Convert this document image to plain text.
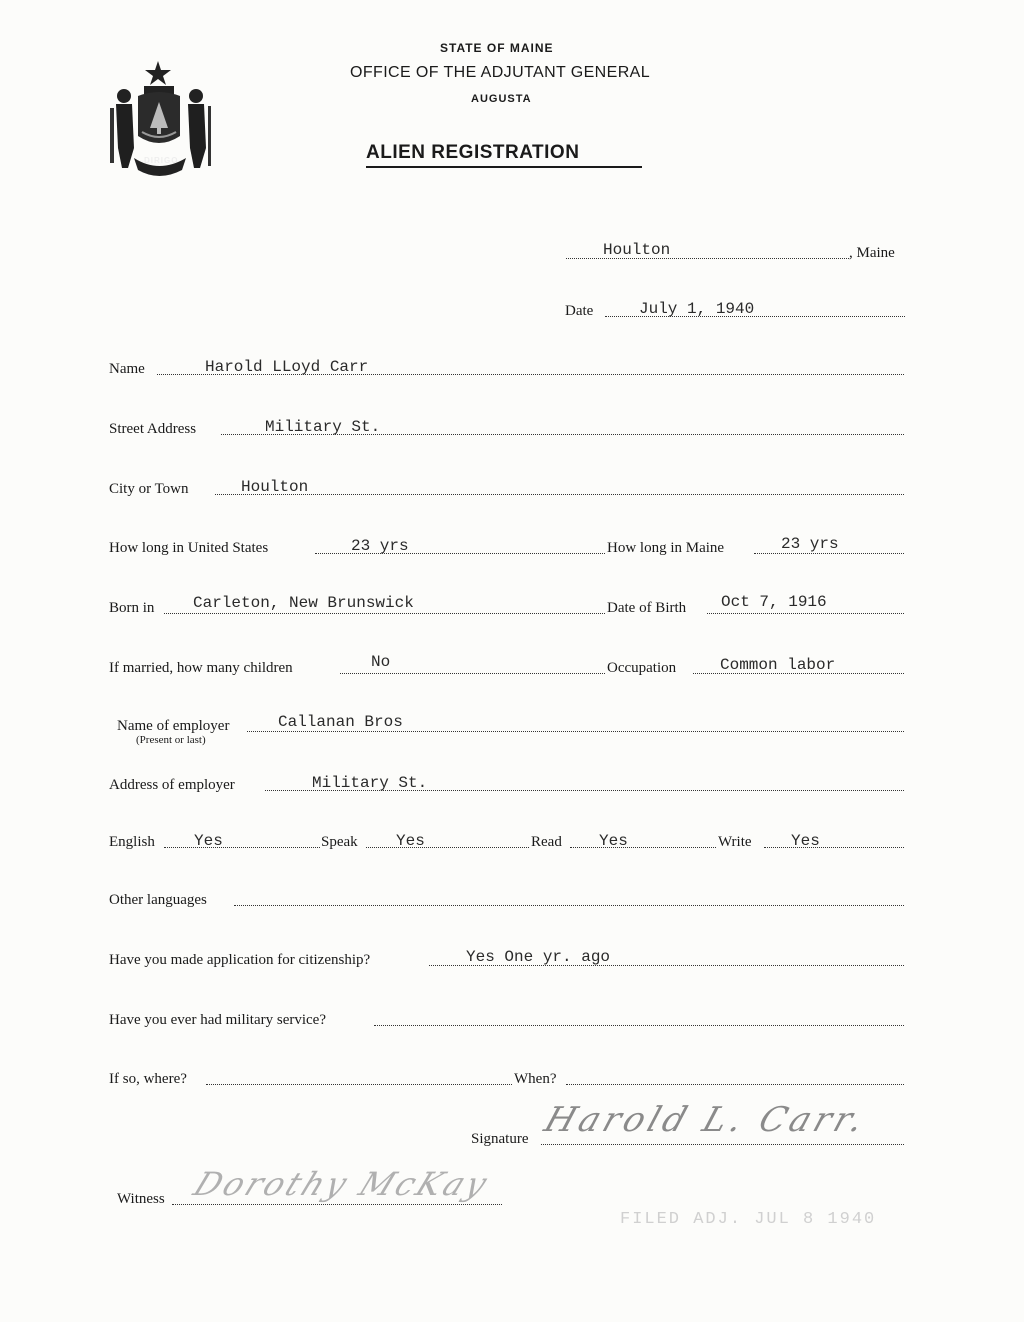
DIRIGO
STATE OF MAINE
OFFICE OF THE ADJUTANT GENERAL
AUGUSTA
ALIEN REGISTRATION
Houlton	, Maine
Date	July 1, 1940
Name	Harold LLoyd Carr
Street Address	Military St.
City or Town	Houlton
How long in United States	23 yrs	How long in Maine	23 yrs
Born in Carleton, New Brunswick	Date of Birth Oct 7, 1916
If married, how many children	No	Occupation	Common labor
Name of employer
(Present or last)
Callanan Bros
Address of employer	Military St.
English Yes	Speak Yes	Read Yes	Write Yes
Other languages
Have you made application for citizenship?	Yes One yr. ago
Have you ever had military service?
If so, where?	When?
Signature Harold L. Carr.
Witness Dorothy McKay
FILED ADJ. JUL 8 1940
